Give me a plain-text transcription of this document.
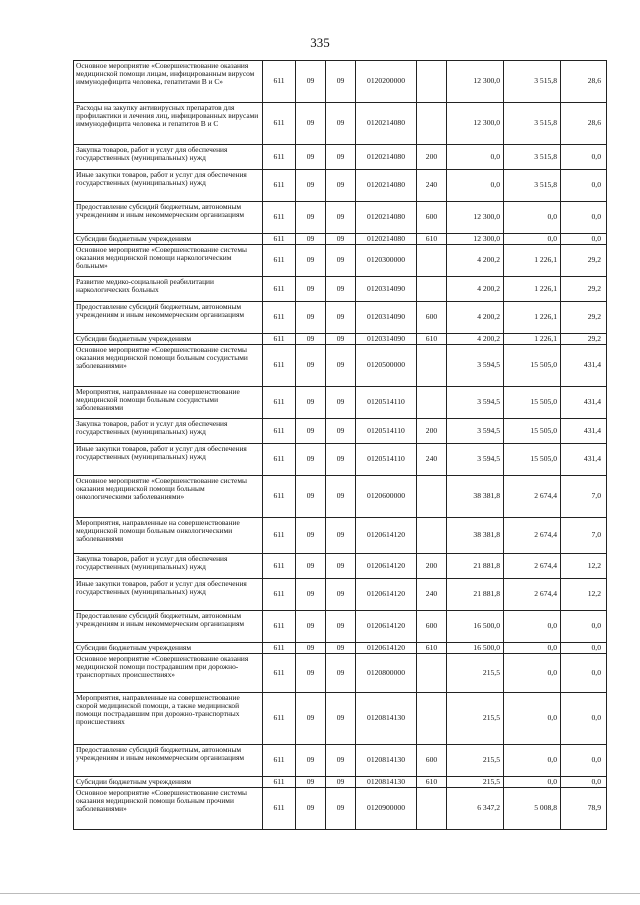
335
Основное мероприятие «Совершенствование оказания медицинской помощи лицам, инфицированным вирусом иммунодефицита человека, гепатитами В и С»	611	09	09	0120200000		12 300,0	3 515,8	28,6
Расходы на закупку антивирусных препаратов для профилактики и лечения лиц, инфицированных вирусами иммунодефицита человека и гепатитов В и С	611	09	09	0120214080		12 300,0	3 515,8	28,6
Закупка товаров, работ и услуг для обеспечения государственных (муниципальных) нужд	611	09	09	0120214080	200	0,0	3 515,8	0,0
Иные закупки товаров, работ и услуг для обеспечения государственных (муниципальных) нужд	611	09	09	0120214080	240	0,0	3 515,8	0,0
Предоставление субсидий бюджетным, автономным учреждениям и иным некоммерческим организациям	611	09	09	0120214080	600	12 300,0	0,0	0,0
Субсидии бюджетным учреждениям	611	09	09	0120214080	610	12 300,0	0,0	0,0
Основное мероприятие «Совершенствование системы оказания медицинской помощи наркологическим больным»	611	09	09	0120300000		4 200,2	1 226,1	29,2
Развитие медико-социальной реабилитации наркологических больных	611	09	09	0120314090		4 200,2	1 226,1	29,2
Предоставление субсидий бюджетным, автономным учреждениям и иным некоммерческим организациям	611	09	09	0120314090	600	4 200,2	1 226,1	29,2
Субсидии бюджетным учреждениям	611	09	09	0120314090	610	4 200,2	1 226,1	29,2
Основное мероприятие «Совершенствование системы оказания медицинской помощи больным сосудистыми заболеваниями»	611	09	09	0120500000		3 594,5	15 505,0	431,4
Мероприятия, направленные на совершенствование медицинской помощи больным сосудистыми заболеваниями	611	09	09	0120514110		3 594,5	15 505,0	431,4
Закупка товаров, работ и услуг для обеспечения государственных (муниципальных) нужд	611	09	09	0120514110	200	3 594,5	15 505,0	431,4
Иные закупки товаров, работ и услуг для обеспечения государственных (муниципальных) нужд	611	09	09	0120514110	240	3 594,5	15 505,0	431,4
Основное мероприятие «Совершенствование системы оказания медицинской помощи больным онкологическими заболеваниями»	611	09	09	0120600000		38 381,8	2 674,4	7,0
Мероприятия, направленные на совершенствование медицинской помощи больным онкологическими заболеваниями	611	09	09	0120614120		38 381,8	2 674,4	7,0
Закупка товаров, работ и услуг для обеспечения государственных (муниципальных) нужд	611	09	09	0120614120	200	21 881,8	2 674,4	12,2
Иные закупки товаров, работ и услуг для обеспечения государственных (муниципальных) нужд	611	09	09	0120614120	240	21 881,8	2 674,4	12,2
Предоставление субсидий бюджетным, автономным учреждениям и иным некоммерческим организациям	611	09	09	0120614120	600	16 500,0	0,0	0,0
Субсидии бюджетным учреждениям	611	09	09	0120614120	610	16 500,0	0,0	0,0
Основное мероприятие «Совершенствование оказания медицинской помощи пострадавшим при дорожно-транспортных происшествиях»	611	09	09	0120800000		215,5	0,0	0,0
Мероприятия, направленные на совершенствование скорой медицинской помощи, а также медицинской помощи пострадавшим при дорожно-транспортных происшествиях	611	09	09	0120814130		215,5	0,0	0,0
Предоставление субсидий бюджетным, автономным учреждениям и иным некоммерческим организациям	611	09	09	0120814130	600	215,5	0,0	0,0
Субсидии бюджетным учреждениям	611	09	09	0120814130	610	215,5	0,0	0,0
Основное мероприятие «Совершенствование системы оказания медицинской помощи больным прочими заболеваниями»	611	09	09	0120900000		6 347,2	5 008,8	78,9
